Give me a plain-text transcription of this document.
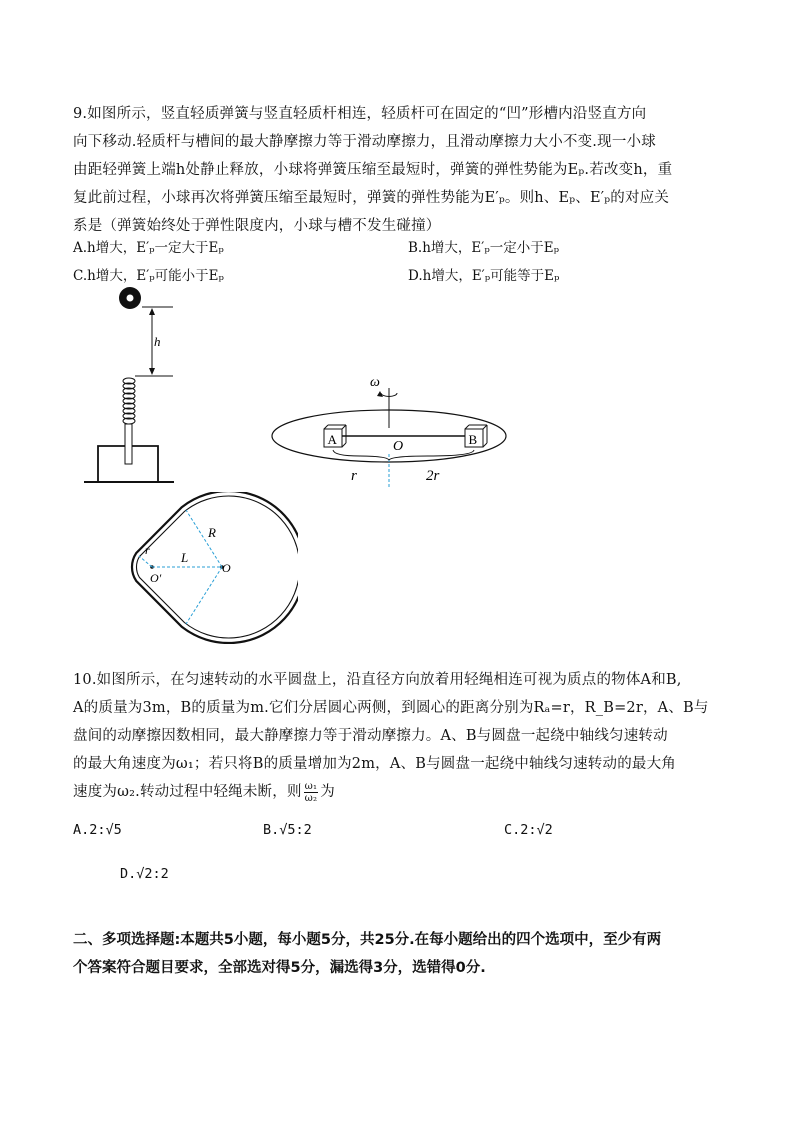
9.如图所示，竖直轻质弹簧与竖直轻质杆相连，轻质杆可在固定的“凹”形槽内沿竖直方向
向下移动.轻质杆与槽间的最大静摩擦力等于滑动摩擦力，且滑动摩擦力大小不变.现一小球
由距轻弹簧上端h处静止释放，小球将弹簧压缩至最短时，弹簧的弹性势能为Eₚ.若改变h，重
复此前过程，小球再次将弹簧压缩至最短时，弹簧的弹性势能为E′ₚ。则h、Eₚ、E′ₚ的对应关
系是（弹簧始终处于弹性限度内，小球与槽不发生碰撞）
A.h增大，E′ₚ一定大于Eₚ	B.h增大，E′ₚ一定小于Eₚ
C.h增大，E′ₚ可能小于Eₚ	D.h增大，E′ₚ可能等于Eₚ
h
ω
A	B
O
r	2r
R
r L
O′
O
10.如图所示，在匀速转动的水平圆盘上，沿直径方向放着用轻绳相连可视为质点的物体A和B,
A的质量为3m，B的质量为m.它们分居圆心两侧，到圆心的距离分别为Rₐ=r，R_B=2r，A、B与
盘间的动摩擦因数相同，最大静摩擦力等于滑动摩擦力。A、B与圆盘一起绕中轴线匀速转动
的最大角速度为ω₁；若只将B的质量增加为2m，A、B与圆盘一起绕中轴线匀速转动的最大角
速度为ω₂.转动过程中轻绳未断，则 $\frac{\text{ω₁}}{\text{ω₂}}$ 为
A.2:√5	B.√5:2	C.2:√2
D.√2:2
二、多项选择题:本题共5小题，每小题5分，共25分.在每小题给出的四个选项中，至少有两
个答案符合题目要求，全部选对得5分，漏选得3分，选错得0分.
